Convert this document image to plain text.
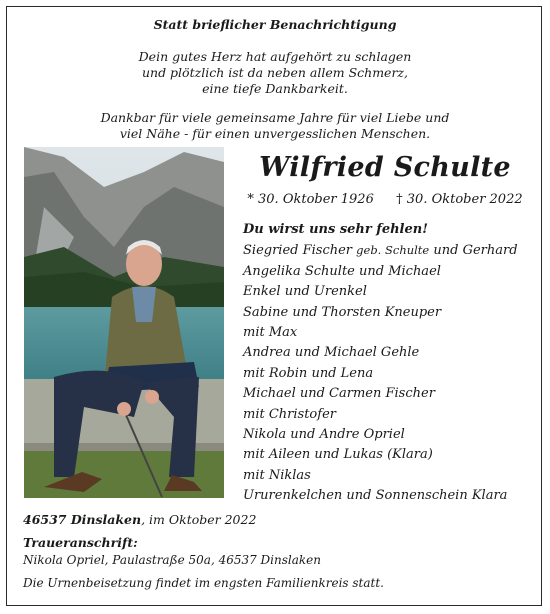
Statt brieflicher Benachrichtigung
Dein gutes Herz hat aufgehört zu schlagen
und plötzlich ist da neben allem Schmerz,
eine tiefe Dankbarkeit.
Dankbar für viele gemeinsame Jahre für viel Liebe und
viel Nähe - für einen unvergesslichen Menschen.
Wilfried Schulte
* 30. Oktober 1926 † 30. Oktober 2022
Du wirst uns sehr fehlen!
Siegried Fischer geb. Schulte und Gerhard
Angelika Schulte und Michael
Enkel und Urenkel
Sabine und Thorsten Kneuper
mit Max
Andrea und Michael Gehle
mit Robin und Lena
Michael und Carmen Fischer
mit Christofer
Nikola und Andre Opriel
mit Aileen und Lukas (Klara)
mit Niklas
Ururenkelchen und Sonnenschein Klara
46537 Dinslaken, im Oktober 2022
Traueranschrift:
Nikola Opriel, Paulastraße 50a, 46537 Dinslaken
Die Urnenbeisetzung findet im engsten Familienkreis statt.
